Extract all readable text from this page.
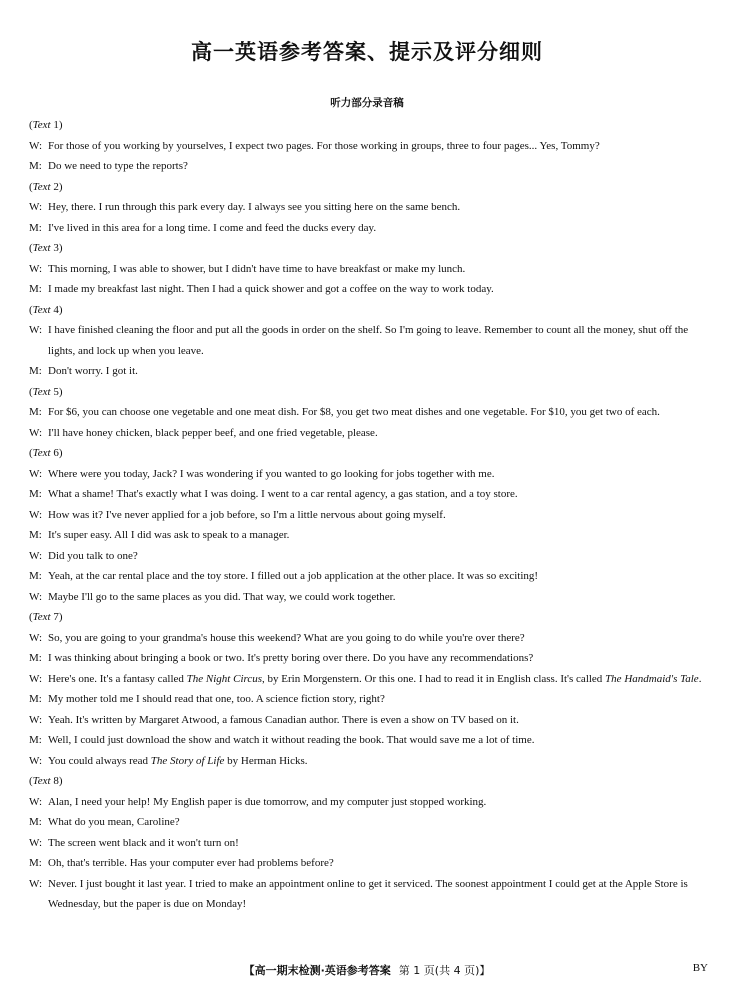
高一英语参考答案、提示及评分细则
听力部分录音稿
(Text 1)
W: For those of you working by yourselves, I expect two pages. For those working in groups, three to four pages... Yes, Tommy?
M: Do we need to type the reports?
(Text 2)
W: Hey, there. I run through this park every day. I always see you sitting here on the same bench.
M: I've lived in this area for a long time. I come and feed the ducks every day.
(Text 3)
W: This morning, I was able to shower, but I didn't have time to have breakfast or make my lunch.
M: I made my breakfast last night. Then I had a quick shower and got a coffee on the way to work today.
(Text 4)
W: I have finished cleaning the floor and put all the goods in order on the shelf. So I'm going to leave. Remember to count all the money, shut off the lights, and lock up when you leave.
M: Don't worry. I got it.
(Text 5)
M: For $6, you can choose one vegetable and one meat dish. For $8, you get two meat dishes and one vegetable. For $10, you get two of each.
W: I'll have honey chicken, black pepper beef, and one fried vegetable, please.
(Text 6)
W: Where were you today, Jack? I was wondering if you wanted to go looking for jobs together with me.
M: What a shame! That's exactly what I was doing. I went to a car rental agency, a gas station, and a toy store.
W: How was it? I've never applied for a job before, so I'm a little nervous about going myself.
M: It's super easy. All I did was ask to speak to a manager.
W: Did you talk to one?
M: Yeah, at the car rental place and the toy store. I filled out a job application at the other place. It was so exciting!
W: Maybe I'll go to the same places as you did. That way, we could work together.
(Text 7)
W: So, you are going to your grandma's house this weekend? What are you going to do while you're over there?
M: I was thinking about bringing a book or two. It's pretty boring over there. Do you have any recommendations?
W: Here's one. It's a fantasy called The Night Circus, by Erin Morgenstern. Or this one. I had to read it in English class. It's called The Handmaid's Tale.
M: My mother told me I should read that one, too. A science fiction story, right?
W: Yeah. It's written by Margaret Atwood, a famous Canadian author. There is even a show on TV based on it.
M: Well, I could just download the show and watch it without reading the book. That would save me a lot of time.
W: You could always read The Story of Life by Herman Hicks.
(Text 8)
W: Alan, I need your help! My English paper is due tomorrow, and my computer just stopped working.
M: What do you mean, Caroline?
W: The screen went black and it won't turn on!
M: Oh, that's terrible. Has your computer ever had problems before?
W: Never. I just bought it last year. I tried to make an appointment online to get it serviced. The soonest appointment I could get at the Apple Store is Wednesday, but the paper is due on Monday!
【高一期末检测·英语参考答案 第 1 页(共 4 页)】	BY
